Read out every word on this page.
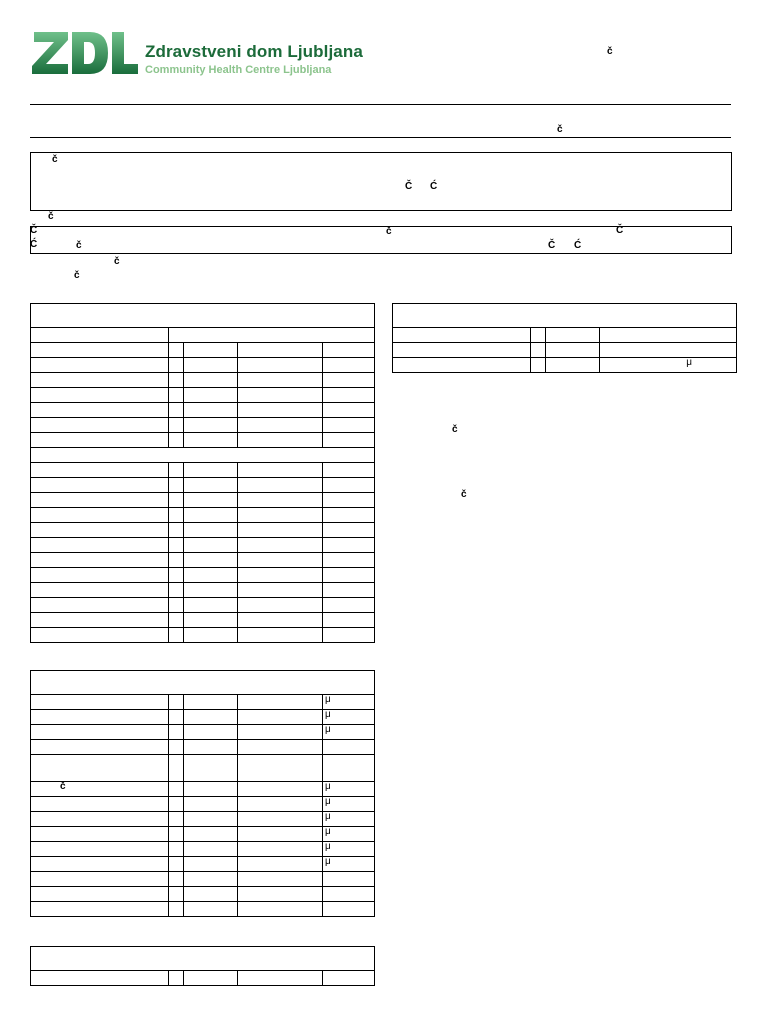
Zdravstveni dom Ljubljana
Community Health Centre Ljubljana
č
č
č
Č Ć
č
Č	č	Č
Ć	č	Č Ć
č
č

			μ
č
č

				μ
				μ
				μ

				μ
				μ
				μ
				μ
				μ
				μ

č
